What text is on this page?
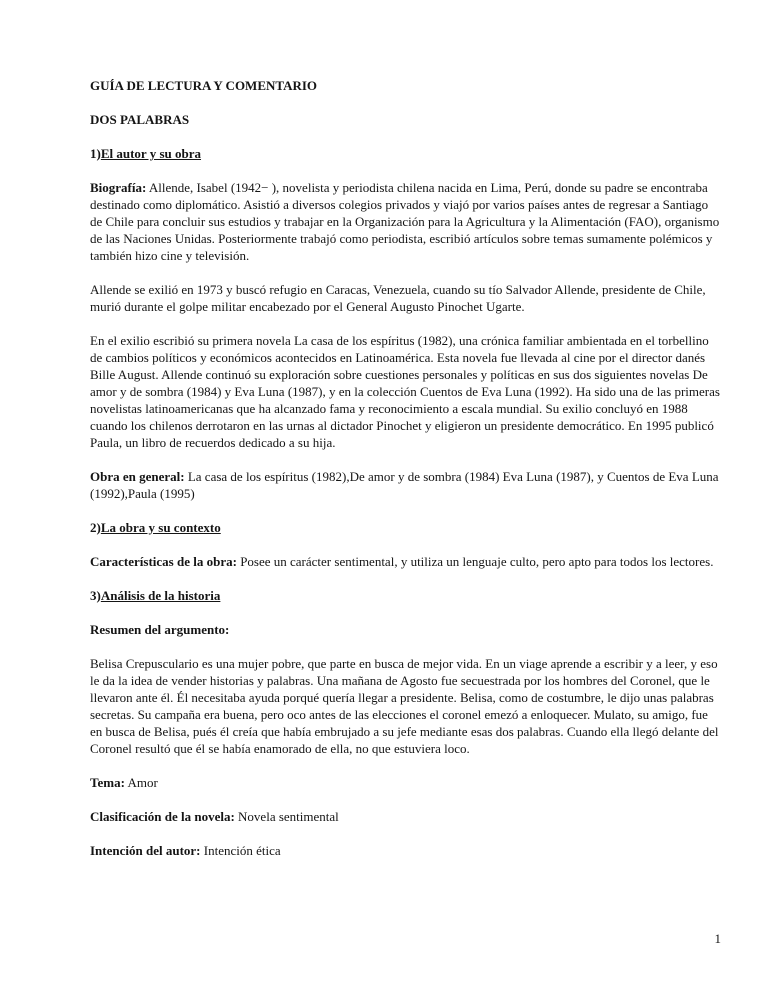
GUÍA DE LECTURA Y COMENTARIO

DOS PALABRAS

1)El autor y su obra

Biografía: Allende, Isabel (1942− ), novelista y periodista chilena nacida en Lima, Perú, donde su padre se encontraba destinado como diplomático. Asistió a diversos colegios privados y viajó por varios países antes de regresar a Santiago de Chile para concluir sus estudios y trabajar en la Organización para la Agricultura y la Alimentación (FAO), organismo de las Naciones Unidas. Posteriormente trabajó como periodista, escribió artículos sobre temas sumamente polémicos y también hizo cine y televisión.

Allende se exilió en 1973 y buscó refugio en Caracas, Venezuela, cuando su tío Salvador Allende, presidente de Chile, murió durante el golpe militar encabezado por el General Augusto Pinochet Ugarte.

En el exilio escribió su primera novela La casa de los espíritus (1982), una crónica familiar ambientada en el torbellino de cambios políticos y económicos acontecidos en Latinoamérica. Esta novela fue llevada al cine por el director danés Bille August. Allende continuó su exploración sobre cuestiones personales y políticas en sus dos siguientes novelas De amor y de sombra (1984) y Eva Luna (1987), y en la colección Cuentos de Eva Luna (1992). Ha sido una de las primeras novelistas latinoamericanas que ha alcanzado fama y reconocimiento a escala mundial. Su exilio concluyó en 1988 cuando los chilenos derrotaron en las urnas al dictador Pinochet y eligieron un presidente democrático. En 1995 publicó Paula, un libro de recuerdos dedicado a su hija.

Obra en general: La casa de los espíritus (1982),De amor y de sombra (1984) Eva Luna (1987), y Cuentos de Eva Luna (1992),Paula (1995)

2)La obra y su contexto

Características de la obra: Posee un carácter sentimental, y utiliza un lenguaje culto, pero apto para todos los lectores.

3)Análisis de la historia

Resumen del argumento:

Belisa Crepusculario es una mujer pobre, que parte en busca de mejor vida. En un viage aprende a escribir y a leer, y eso le da la idea de vender historias y palabras. Una mañana de Agosto fue secuestrada por los hombres del Coronel, que le llevaron ante él. Él necesitaba ayuda porqué quería llegar a presidente. Belisa, como de costumbre, le dijo unas palabras secretas. Su campaña era buena, pero oco antes de las elecciones el coronel emezó a enloquecer. Mulato, su amigo, fue en busca de Belisa, pués él creía que había embrujado a su jefe mediante esas dos palabras. Cuando ella llegó delante del Coronel resultó que él se había enamorado de ella, no que estuviera loco.

Tema: Amor

Clasificación de la novela: Novela sentimental

Intención del autor: Intención ética

1
